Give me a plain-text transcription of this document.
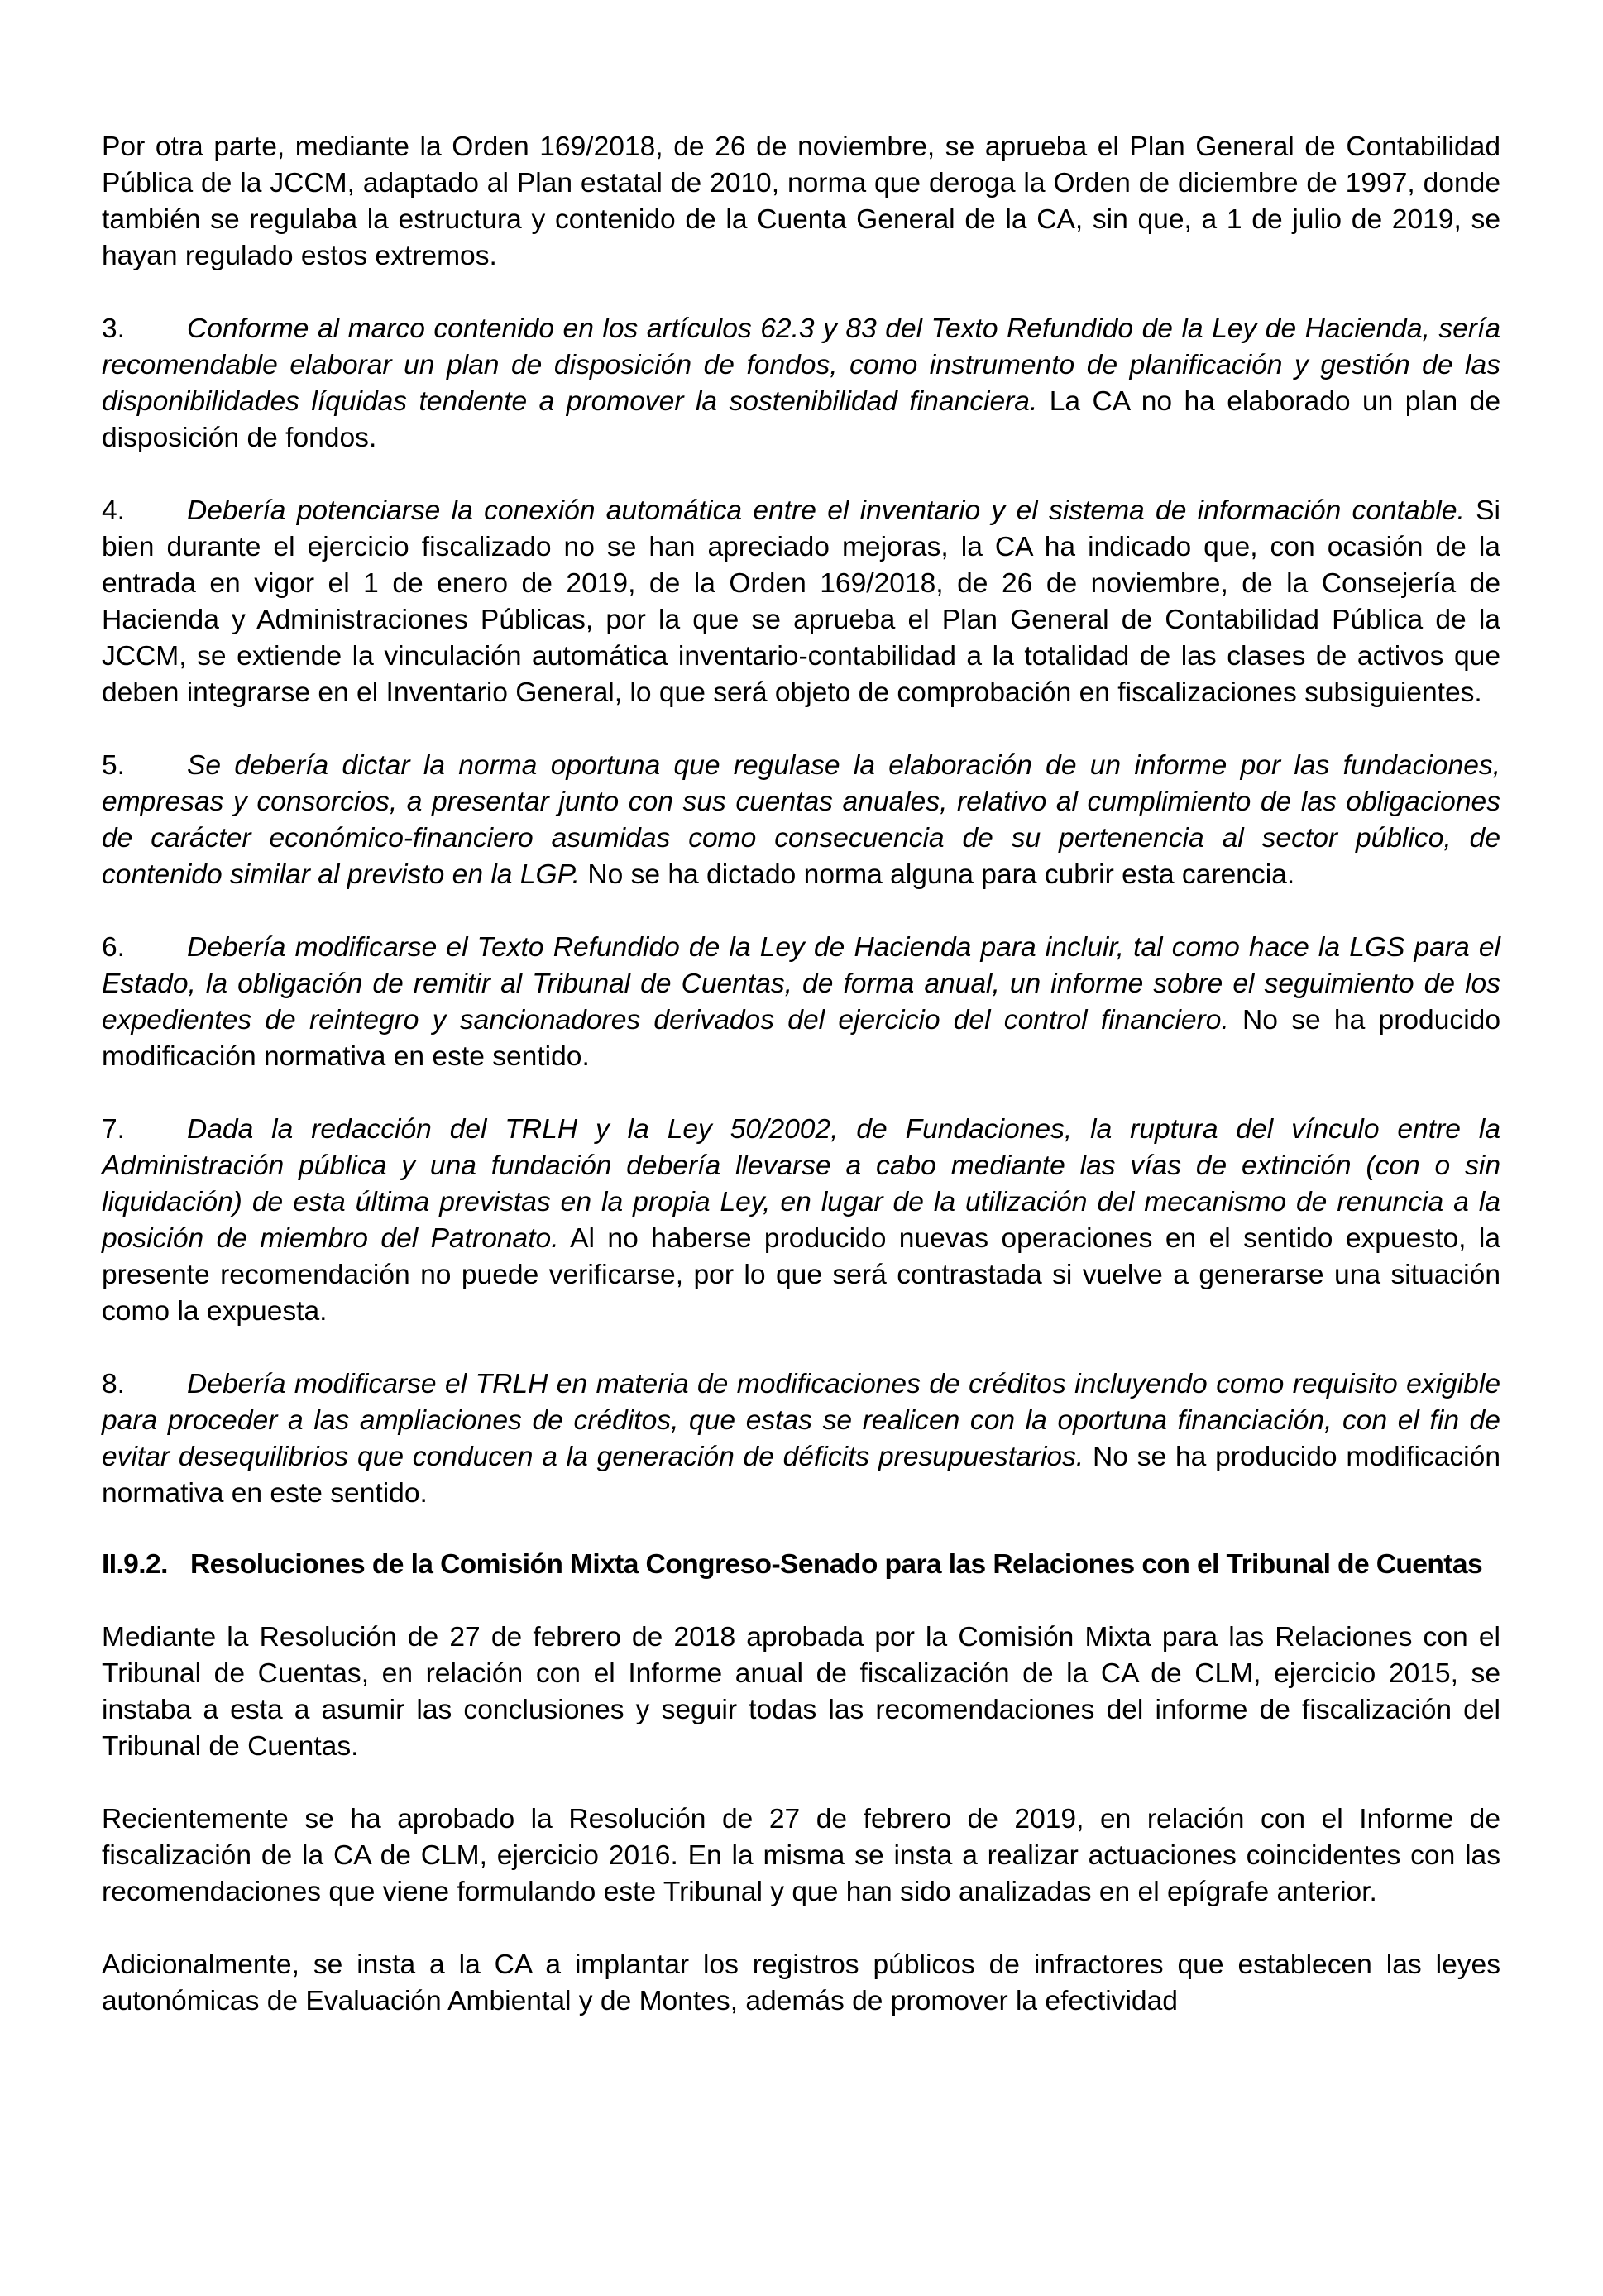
Por otra parte, mediante la Orden 169/2018, de 26 de noviembre, se aprueba el Plan General de Contabilidad Pública de la JCCM, adaptado al Plan estatal de 2010, norma que deroga la Orden de diciembre de 1997, donde también se regulaba la estructura y contenido de la Cuenta General de la CA, sin que, a 1 de julio de 2019, se hayan regulado estos extremos.

3. Conforme al marco contenido en los artículos 62.3 y 83 del Texto Refundido de la Ley de Hacienda, sería recomendable elaborar un plan de disposición de fondos, como instrumento de planificación y gestión de las disponibilidades líquidas tendente a promover la sostenibilidad financiera. La CA no ha elaborado un plan de disposición de fondos.

4. Debería potenciarse la conexión automática entre el inventario y el sistema de información contable. Si bien durante el ejercicio fiscalizado no se han apreciado mejoras, la CA ha indicado que, con ocasión de la entrada en vigor el 1 de enero de 2019, de la Orden 169/2018, de 26 de noviembre, de la Consejería de Hacienda y Administraciones Públicas, por la que se aprueba el Plan General de Contabilidad Pública de la JCCM, se extiende la vinculación automática inventario-contabilidad a la totalidad de las clases de activos que deben integrarse en el Inventario General, lo que será objeto de comprobación en fiscalizaciones subsiguientes.

5. Se debería dictar la norma oportuna que regulase la elaboración de un informe por las fundaciones, empresas y consorcios, a presentar junto con sus cuentas anuales, relativo al cumplimiento de las obligaciones de carácter económico-financiero asumidas como consecuencia de su pertenencia al sector público, de contenido similar al previsto en la LGP. No se ha dictado norma alguna para cubrir esta carencia.

6. Debería modificarse el Texto Refundido de la Ley de Hacienda para incluir, tal como hace la LGS para el Estado, la obligación de remitir al Tribunal de Cuentas, de forma anual, un informe sobre el seguimiento de los expedientes de reintegro y sancionadores derivados del ejercicio del control financiero. No se ha producido modificación normativa en este sentido.

7. Dada la redacción del TRLH y la Ley 50/2002, de Fundaciones, la ruptura del vínculo entre la Administración pública y una fundación debería llevarse a cabo mediante las vías de extinción (con o sin liquidación) de esta última previstas en la propia Ley, en lugar de la utilización del mecanismo de renuncia a la posición de miembro del Patronato. Al no haberse producido nuevas operaciones en el sentido expuesto, la presente recomendación no puede verificarse, por lo que será contrastada si vuelve a generarse una situación como la expuesta.

8. Debería modificarse el TRLH en materia de modificaciones de créditos incluyendo como requisito exigible para proceder a las ampliaciones de créditos, que estas se realicen con la oportuna financiación, con el fin de evitar desequilibrios que conducen a la generación de déficits presupuestarios. No se ha producido modificación normativa en este sentido.

II.9.2. Resoluciones de la Comisión Mixta Congreso-Senado para las Relaciones con el Tribunal de Cuentas

Mediante la Resolución de 27 de febrero de 2018 aprobada por la Comisión Mixta para las Relaciones con el Tribunal de Cuentas, en relación con el Informe anual de fiscalización de la CA de CLM, ejercicio 2015, se instaba a esta a asumir las conclusiones y seguir todas las recomendaciones del informe de fiscalización del Tribunal de Cuentas.

Recientemente se ha aprobado la Resolución de 27 de febrero de 2019, en relación con el Informe de fiscalización de la CA de CLM, ejercicio 2016. En la misma se insta a realizar actuaciones coincidentes con las recomendaciones que viene formulando este Tribunal y que han sido analizadas en el epígrafe anterior.

Adicionalmente, se insta a la CA a implantar los registros públicos de infractores que establecen las leyes autonómicas de Evaluación Ambiental y de Montes, además de promover la efectividad
